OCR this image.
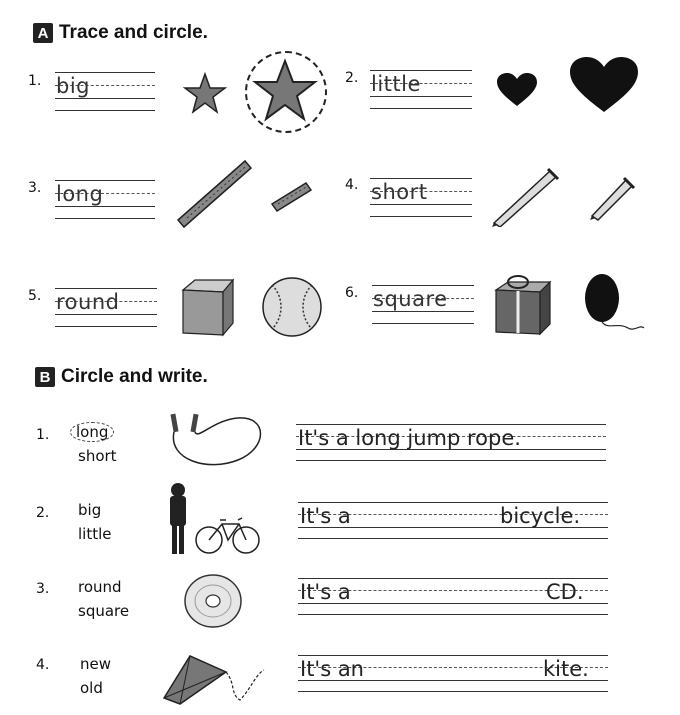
A Trace and circle.
1. big	2. little
3. long	4. short
5. round	6. square
B Circle and write.
1.	long
short
It's a long jump rope.
2. big
little
It's a	bicycle.
3. round
square
It's a	CD.
4. new
old
It's an	kite.
